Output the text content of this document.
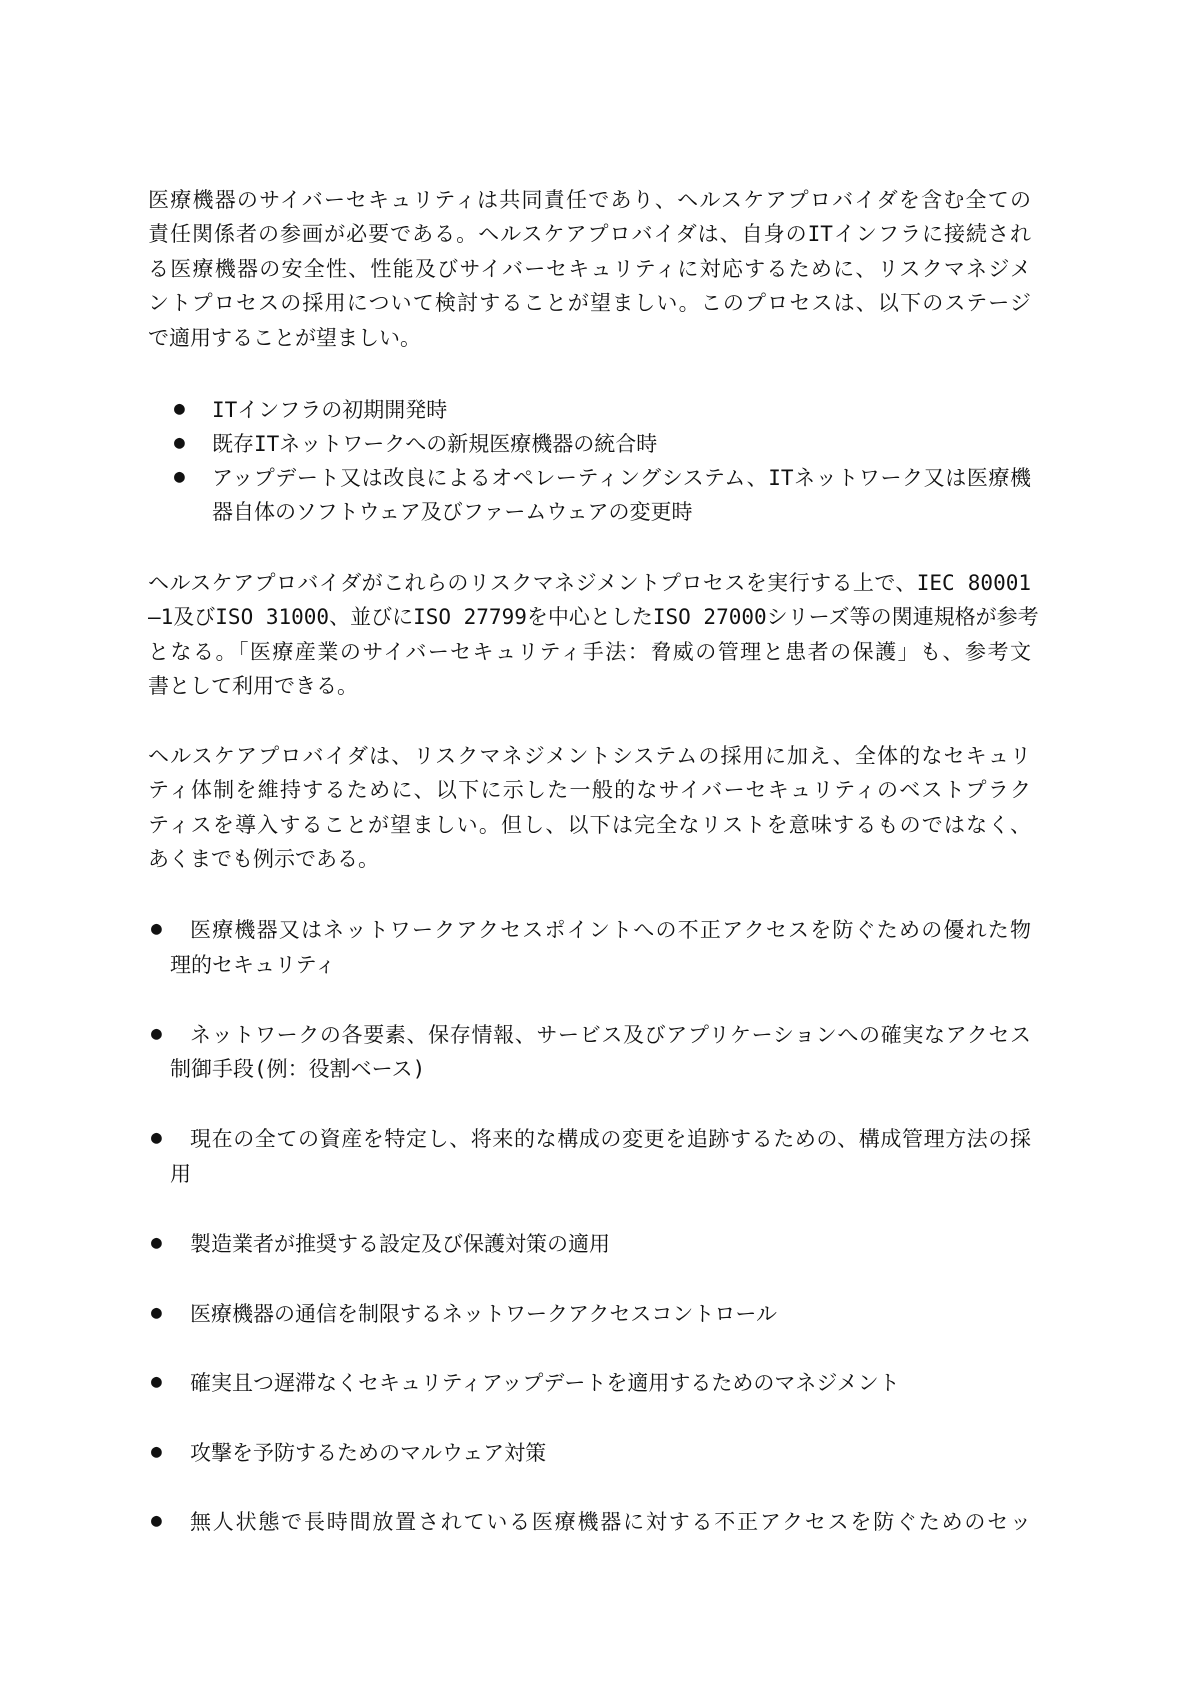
医療機器のサイバーセキュリティは共同責任であり、ヘルスケアプロバイダを含む全ての
責任関係者の参画が必要である。ヘルスケアプロバイダは、自身のITインフラに接続され
る医療機器の安全性、性能及びサイバーセキュリティに対応するために、リスクマネジメ
ントプロセスの採用について検討することが望ましい。このプロセスは、以下のステージ
で適用することが望ましい。
● ITインフラの初期開発時
● 既存ITネットワークへの新規医療機器の統合時
● アップデート又は改良によるオペレーティングシステム、ITネットワーク又は医療機
器自体のソフトウェア及びファームウェアの変更時
ヘルスケアプロバイダがこれらのリスクマネジメントプロセスを実行する上で、IEC 80001
―1及びISO 31000、並びにISO 27799を中心としたISO 27000シリーズ等の関連規格が参考
となる。「医療産業のサイバーセキュリティ手法：脅威の管理と患者の保護」も、参考文
書として利用できる。
ヘルスケアプロバイダは、リスクマネジメントシステムの採用に加え、全体的なセキュリ
ティ体制を維持するために、以下に示した一般的なサイバーセキュリティのベストプラク
ティスを導入することが望ましい。但し、以下は完全なリストを意味するものではなく、
あくまでも例示である。
● 医療機器又はネットワークアクセスポイントへの不正アクセスを防ぐための優れた物
理的セキュリティ
● ネットワークの各要素、保存情報、サービス及びアプリケーションへの確実なアクセス
制御手段(例：役割ベース)
● 現在の全ての資産を特定し、将来的な構成の変更を追跡するための、構成管理方法の採
用
● 製造業者が推奨する設定及び保護対策の適用
● 医療機器の通信を制限するネットワークアクセスコントロール
● 確実且つ遅滞なくセキュリティアップデートを適用するためのマネジメント
● 攻撃を予防するためのマルウェア対策
● 無人状態で長時間放置されている医療機器に対する不正アクセスを防ぐためのセッ
